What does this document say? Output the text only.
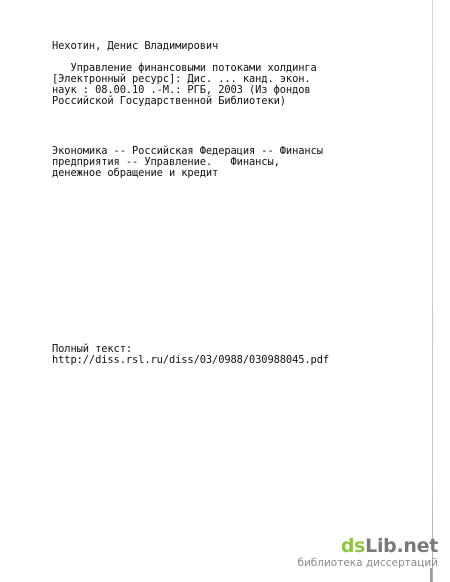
Нехотин, Денис Владимирович
Управление финансовыми потоками холдинга
[Электронный ресурс]: Дис. ... канд. экон.
наук : 08.00.10 .-М.: РГБ, 2003 (Из фондов
Российской Государственной Библиотеки)
Экономика -- Российская Федерация -- Финансы
предприятия -- Управление.   Финансы,
денежное обращение и кредит
Полный текст:
http://diss.rsl.ru/diss/03/0988/030988045.pdf
dsLib.net
библиотека диссертаций
